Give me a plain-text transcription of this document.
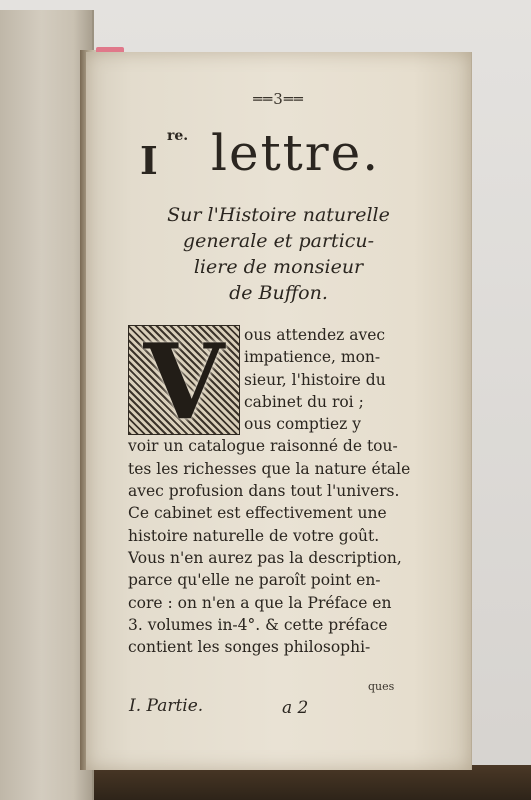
══3══
I
re. lettre.
Sur l'Histoire naturelle
generale et particu-
liere de monsieur
de Buffon.
V	ous attendez avec
impatience, mon-
sieur, l'histoire du
cabinet du roi ;
ous comptiez y
voir un catalogue raisonné de tou-
tes les richesses que la nature étale
avec profusion dans tout l'univers.
Ce cabinet est effectivement une
histoire naturelle de votre goût.
Vous n'en aurez pas la description,
parce qu'elle ne paroît point en-
core : on n'en a que la Préface en
3. volumes in-4°. & cette préface
contient les songes philosophi-
ques
I. Partie.	a 2
